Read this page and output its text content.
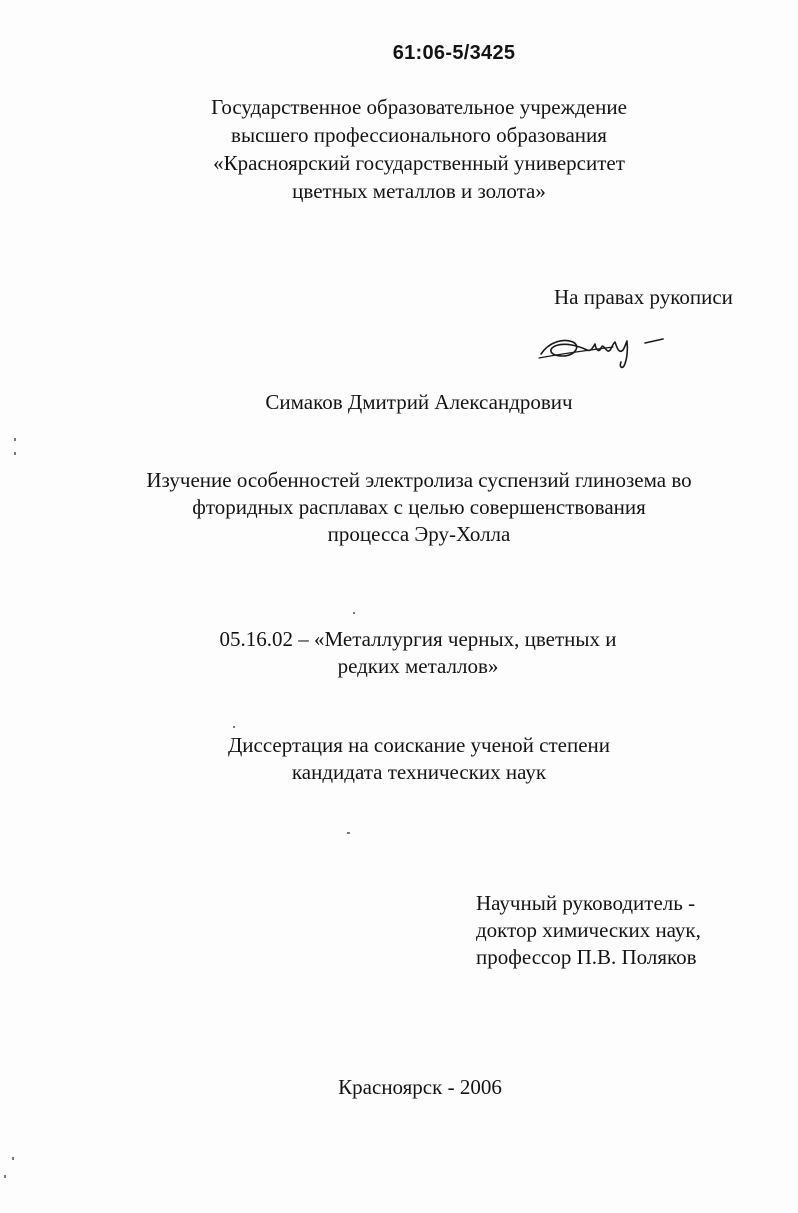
61:06-5/3425
Государственное образовательное учреждение
высшего профессионального образования
«Красноярский государственный университет
цветных металлов и золота»
На правах рукописи
Симаков Дмитрий Александрович
Изучение особенностей электролиза суспензий глинозема во
фторидных расплавах с целью совершенствования
процесса Эру-Холла
05.16.02 – «Металлургия черных, цветных и
редких металлов»
Диссертация на соискание ученой степени
кандидата технических наук
Научный руководитель -
доктор химических наук,
профессор П.В. Поляков
Красноярск - 2006
